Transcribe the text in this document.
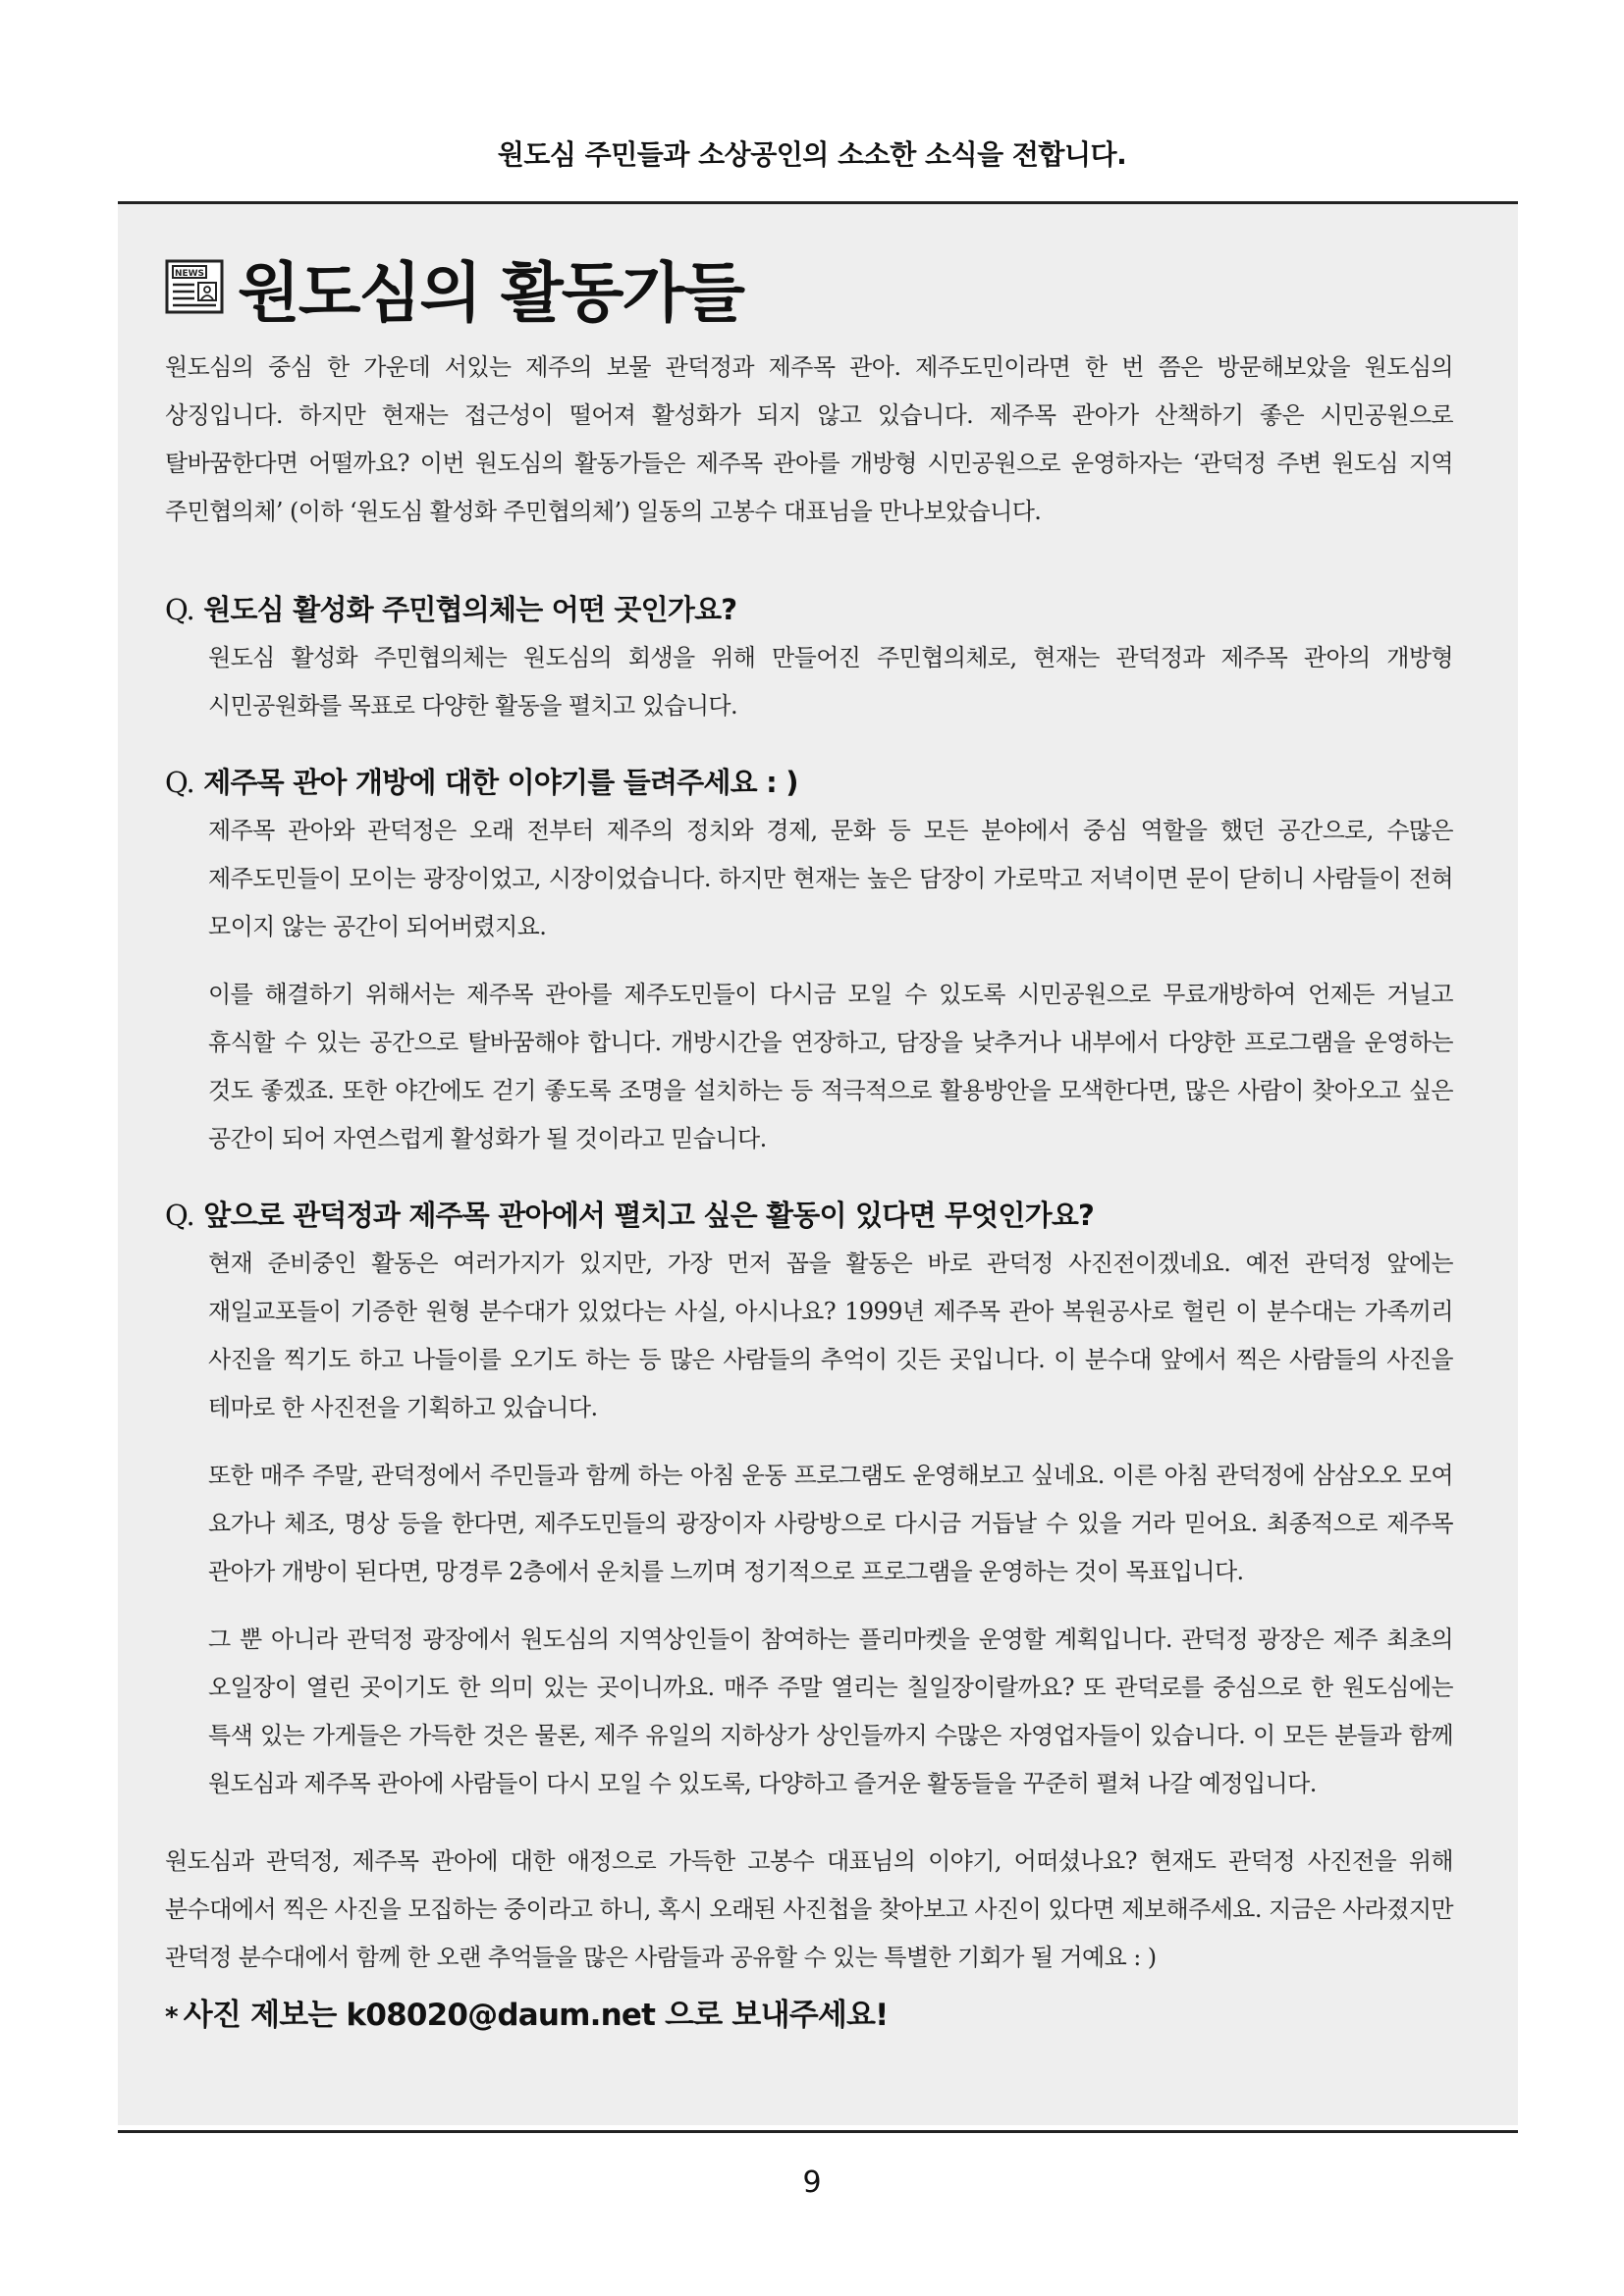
원도심 주민들과 소상공인의 소소한 소식을 전합니다.
NEWS 원도심의 활동가들

원도심의 중심 한 가운데 서있는 제주의 보물 관덕정과 제주목 관아. 제주도민이라면 한 번 쯤은 방문해보았을 원도심의 상징입니다. 하지만 현재는 접근성이 떨어져 활성화가 되지 않고 있습니다. 제주목 관아가 산책하기 좋은 시민공원으로 탈바꿈한다면 어떨까요? 이번 원도심의 활동가들은 제주목 관아를 개방형 시민공원으로 운영하자는 ‘관덕정 주변 원도심 지역 주민협의체’ (이하 ‘원도심 활성화 주민협의체’) 일동의 고봉수 대표님을 만나보았습니다.

Q. 원도심 활성화 주민협의체는 어떤 곳인가요?

원도심 활성화 주민협의체는 원도심의 회생을 위해 만들어진 주민협의체로, 현재는 관덕정과 제주목 관아의 개방형 시민공원화를 목표로 다양한 활동을 펼치고 있습니다.

Q. 제주목 관아 개방에 대한 이야기를 들려주세요 : )

제주목 관아와 관덕정은 오래 전부터 제주의 정치와 경제, 문화 등 모든 분야에서 중심 역할을 했던 공간으로, 수많은 제주도민들이 모이는 광장이었고, 시장이었습니다. 하지만 현재는 높은 담장이 가로막고 저녁이면 문이 닫히니 사람들이 전혀 모이지 않는 공간이 되어버렸지요.

이를 해결하기 위해서는 제주목 관아를 제주도민들이 다시금 모일 수 있도록 시민공원으로 무료개방하여 언제든 거닐고 휴식할 수 있는 공간으로 탈바꿈해야 합니다. 개방시간을 연장하고, 담장을 낮추거나 내부에서 다양한 프로그램을 운영하는 것도 좋겠죠. 또한 야간에도 걷기 좋도록 조명을 설치하는 등 적극적으로 활용방안을 모색한다면, 많은 사람이 찾아오고 싶은 공간이 되어 자연스럽게 활성화가 될 것이라고 믿습니다.

Q. 앞으로 관덕정과 제주목 관아에서 펼치고 싶은 활동이 있다면 무엇인가요?

현재 준비중인 활동은 여러가지가 있지만, 가장 먼저 꼽을 활동은 바로 관덕정 사진전이겠네요. 예전 관덕정 앞에는 재일교포들이 기증한 원형 분수대가 있었다는 사실, 아시나요? 1999년 제주목 관아 복원공사로 헐린 이 분수대는 가족끼리 사진을 찍기도 하고 나들이를 오기도 하는 등 많은 사람들의 추억이 깃든 곳입니다. 이 분수대 앞에서 찍은 사람들의 사진을 테마로 한 사진전을 기획하고 있습니다.

또한 매주 주말, 관덕정에서 주민들과 함께 하는 아침 운동 프로그램도 운영해보고 싶네요. 이른 아침 관덕정에 삼삼오오 모여 요가나 체조, 명상 등을 한다면, 제주도민들의 광장이자 사랑방으로 다시금 거듭날 수 있을 거라 믿어요. 최종적으로 제주목 관아가 개방이 된다면, 망경루 2층에서 운치를 느끼며 정기적으로 프로그램을 운영하는 것이 목표입니다.

그 뿐 아니라 관덕정 광장에서 원도심의 지역상인들이 참여하는 플리마켓을 운영할 계획입니다. 관덕정 광장은 제주 최초의 오일장이 열린 곳이기도 한 의미 있는 곳이니까요. 매주 주말 열리는 칠일장이랄까요? 또 관덕로를 중심으로 한 원도심에는 특색 있는 가게들은 가득한 것은 물론, 제주 유일의 지하상가 상인들까지 수많은 자영업자들이 있습니다. 이 모든 분들과 함께 원도심과 제주목 관아에 사람들이 다시 모일 수 있도록, 다양하고 즐거운 활동들을 꾸준히 펼쳐 나갈 예정입니다.

원도심과 관덕정, 제주목 관아에 대한 애정으로 가득한 고봉수 대표님의 이야기, 어떠셨나요? 현재도 관덕정 사진전을 위해 분수대에서 찍은 사진을 모집하는 중이라고 하니, 혹시 오래된 사진첩을 찾아보고 사진이 있다면 제보해주세요. 지금은 사라졌지만 관덕정 분수대에서 함께 한 오랜 추억들을 많은 사람들과 공유할 수 있는 특별한 기회가 될 거예요 : )

* 사진 제보는 k08020@daum.net 으로 보내주세요!
9
